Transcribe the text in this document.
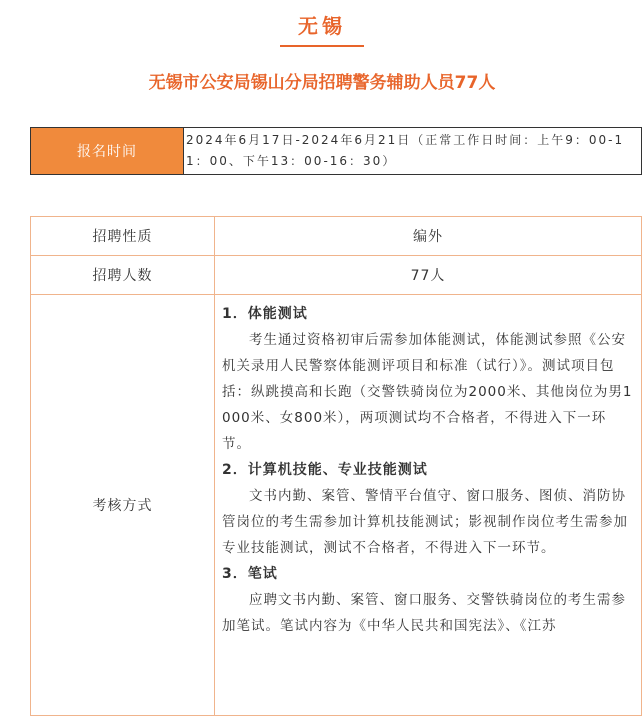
无锡
无锡市公安局锡山分局招聘警务辅助人员77人
报名时间
2024年6月17日-2024年6月21日（正常工作日时间：上午9：00-11：00、下午13：00-16：30）
招聘性质	编外
招聘人数	77人
考核方式
1．体能测试
考生通过资格初审后需参加体能测试，体能测试参照《公安机关录用人民警察体能测评项目和标准（试行）》。测试项目包括：纵跳摸高和长跑（交警铁骑岗位为2000米、其他岗位为男1000米、女800米），两项测试均不合格者，不得进入下一环节。
2．计算机技能、专业技能测试
文书内勤、案管、警情平台值守、窗口服务、图侦、消防协管岗位的考生需参加计算机技能测试；影视制作岗位考生需参加专业技能测试，测试不合格者，不得进入下一环节。
3．笔试
应聘文书内勤、案管、窗口服务、交警铁骑岗位的考生需参加笔试。笔试内容为《中华人民共和国宪法》、《江苏
